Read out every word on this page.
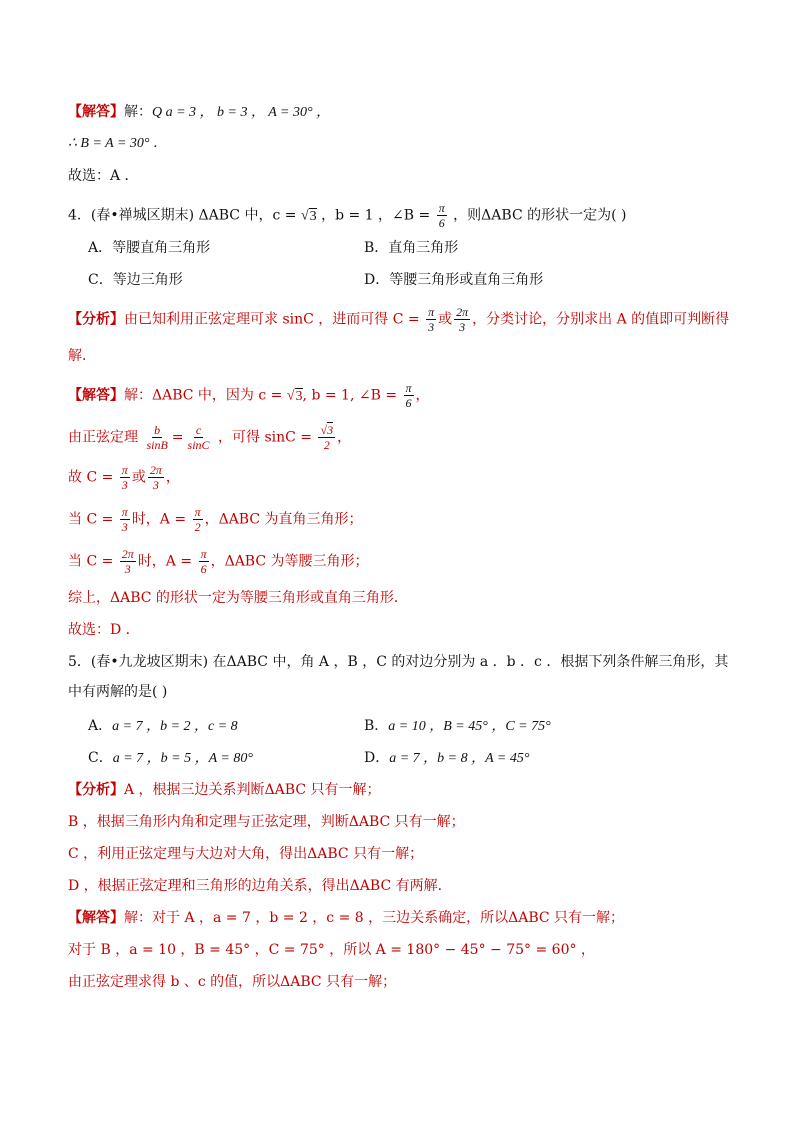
【解答】解：Q a = 3 ， b = 3 ， A = 30° ，
∴ B = A = 30° ．
故选：A ．
4．(春•禅城区期末) ΔABC 中，c = √3 ，b = 1 ，∠B = $\frac{\pi}{6}$ ，则ΔABC 的形状一定为( )
A．等腰直角三角形	B．直角三角形
C．等边三角形	D．等腰三角形或直角三角形
【分析】由已知利用正弦定理可求 sinC ，进而可得 $C = \frac{\pi}{3}$ 或 $\frac{2\pi}{3}$ ，分类讨论，分别求出 A 的值即可判断得
解．
【解答】解：ΔABC 中，因为 c = √3, b = 1, ∠B = $\frac{\pi}{6}$ ，
由正弦定理 $\frac{b}{\sin B} = \frac{c}{\sin C}$ ，可得 $\sin C = \frac{√3}{2}$ ，
故 $C = \frac{\pi}{3}$ 或 $\frac{2\pi}{3}$ ，
当 $C = \frac{\pi}{3}$ 时，$A = \frac{\pi}{2}$ ，ΔABC 为直角三角形；
当 $C = \frac{2\pi}{3}$ 时，$A = \frac{\pi}{6}$ ，ΔABC 为等腰三角形；
综上，ΔABC 的形状一定为等腰三角形或直角三角形．
故选：D ．
5．(春•九龙坡区期末) 在ΔABC 中，角 A ，B ，C 的对边分别为 a ．b ．c ．根据下列条件解三角形，其
中有两解的是( )
A．a = 7 ，b = 2 ，c = 8	B．a = 10 ，B = 45° ，C = 75°
C．a = 7 ，b = 5 ，A = 80°	D．a = 7 ，b = 8 ，A = 45°
【分析】A ，根据三边关系判断ΔABC 只有一解；
B ，根据三角形内角和定理与正弦定理，判断ΔABC 只有一解；
C ，利用正弦定理与大边对大角，得出ΔABC 只有一解；
D ，根据正弦定理和三角形的边角关系，得出ΔABC 有两解．
【解答】解：对于 A ，a = 7 ，b = 2 ，c = 8 ，三边关系确定，所以ΔABC 只有一解；
对于 B ，a = 10 ，B = 45° ，C = 75° ，所以 A = 180° − 45° − 75° = 60° ，
由正弦定理求得 b 、c 的值，所以ΔABC 只有一解；
